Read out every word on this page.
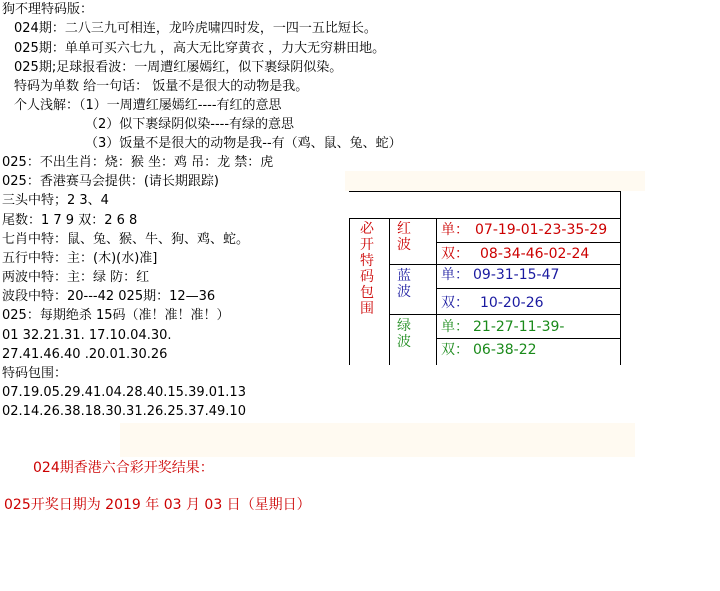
狗不理特码版：
024期：二八三九可相连，龙吟虎啸四时发，一四一五比短长。
025期：单单可买六七九 ，高大无比穿黄衣 ，力大无穷耕田地。
025期;足球报看波：一周遭红屡嫣红，似下裹绿阴似染。
特码为单数 给一句话： 饭量不是很大的动物是我。
个人浅解：（1）一周遭红屡嫣红----有红的意思
（2）似下裹绿阴似染----有绿的意思
（3）饭量不是很大的动物是我--有（鸡、鼠、兔、蛇）
025：不出生肖：烧：猴 坐：鸡 吊：龙 禁：虎
025：香港赛马会提供：(请长期跟踪)
三头中特；2 3、4
尾数：1 7 9 双：2 6 8
七肖中特：鼠、兔、猴、牛、狗、鸡、蛇。
五行中特：主：(木)(水)准]
两波中特：主：绿 防：红
波段中特：20---42 025期：12—36
025：每期绝杀 15码（准！准！准！）
01 32.21.31. 17.10.04.30.
27.41.46.40 .20.01.30.26
特码包围：
07.19.05.29.41.04.28.40.15.39.01.13
02.14.26.38.18.30.31.26.25.37.49.10
024期香港六合彩开奖结果：
025开奖日期为 2019 年 03 月 03 日（星期日）
必开特码包围
红波
单： 07-19-01-23-35-29
双： 08-34-46-02-24
蓝波
单： 09-31-15-47
双： 10-20-26
绿波
单： 21-27-11-39-
双： 06-38-22
